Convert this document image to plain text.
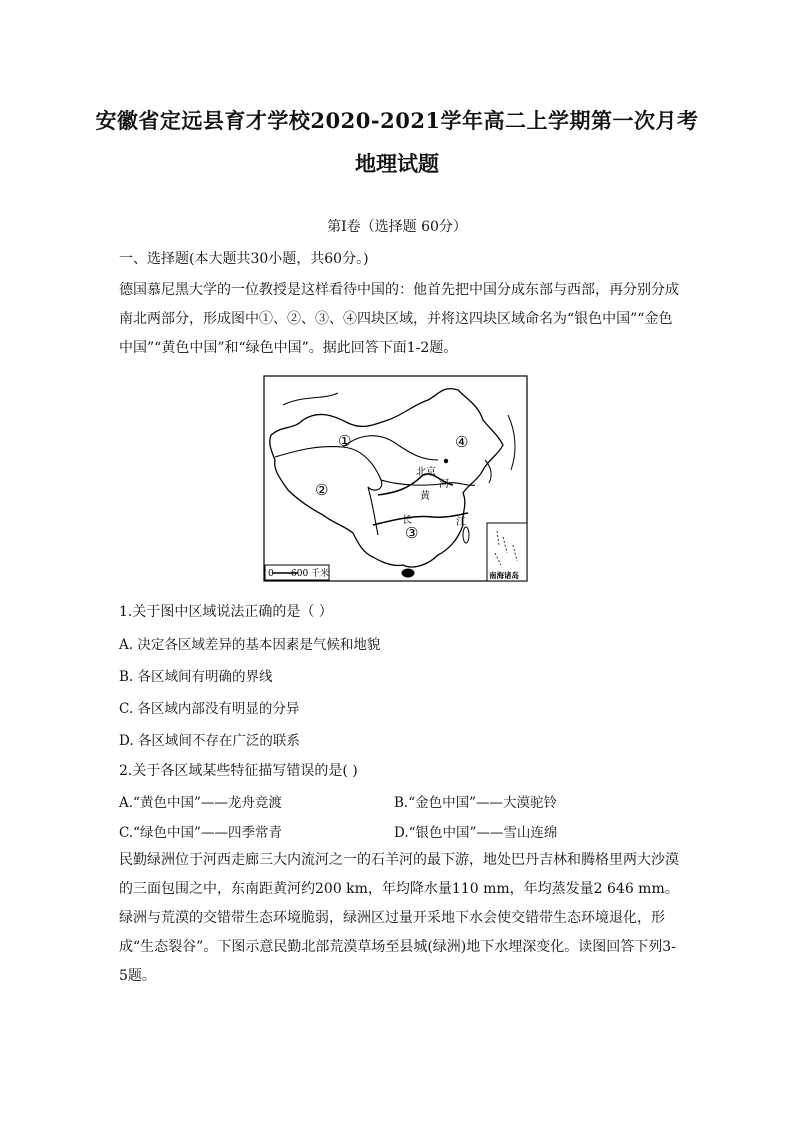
安徽省定远县育才学校2020-2021学年高二上学期第一次月考
地理试题
第Ⅰ卷（选择题 60分）
一、选择题(本大题共30小题，共60分。)
德国慕尼黑大学的一位教授是这样看待中国的：他首先把中国分成东部与西部，再分别分成南北两部分，形成图中①、②、③、④四块区域，并将这四块区域命名为“银色中国”“金色中国”“黄色中国”和“绿色中国”。据此回答下面1-2题。
①
②
③
④
北京
黄
河
长	江
0 600 千米	南海诸岛
1.关于图中区域说法正确的是（ ）
A. 决定各区域差异的基本因素是气候和地貌
B. 各区域间有明确的界线
C. 各区域内部没有明显的分异
D. 各区域间不存在广泛的联系
2.关于各区域某些特征描写错误的是( )
A.“黄色中国”——龙舟竞渡	B.“金色中国”——大漠驼铃
C.“绿色中国”——四季常青	D.“银色中国”——雪山连绵
民勤绿洲位于河西走廊三大内流河之一的石羊河的最下游，地处巴丹吉林和腾格里两大沙漠的三面包围之中，东南距黄河约200 km，年均降水量110 mm，年均蒸发量2 646 mm。绿洲与荒漠的交错带生态环境脆弱，绿洲区过量开采地下水会使交错带生态环境退化，形成“生态裂谷”。下图示意民勤北部荒漠草场至县城(绿洲)地下水埋深变化。读图回答下列3-5题。
